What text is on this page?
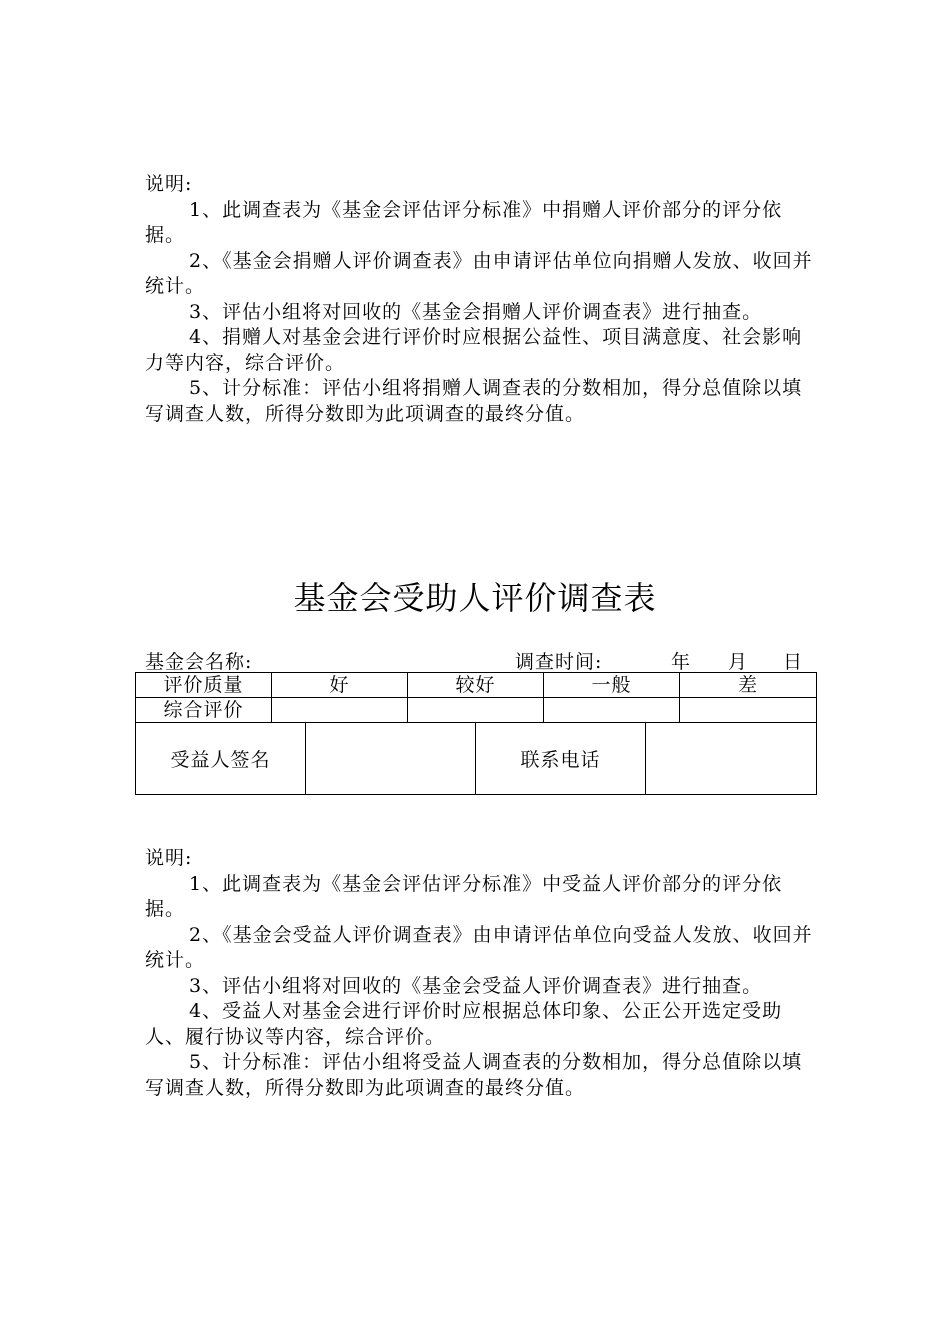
说明:

1、此调查表为《基金会评估评分标准》中捐赠人评价部分的评分依据。

2、《基金会捐赠人评价调查表》由申请评估单位向捐赠人发放、收回并统计。

3、评估小组将对回收的《基金会捐赠人评价调查表》进行抽查。

4、捐赠人对基金会进行评价时应根据公益性、项目满意度、社会影响力等内容，综合评价。

5、计分标准：评估小组将捐赠人调查表的分数相加，得分总值除以填写调查人数，所得分数即为此项调查的最终分值。

基金会受助人评价调查表
基金会名称:	调查时间:	年 月 日
评价质量	好	较好	一般	差
综合评价				
受益人签名		联系电话	

说明:

1、此调查表为《基金会评估评分标准》中受益人评价部分的评分依据。

2、《基金会受益人评价调查表》由申请评估单位向受益人发放、收回并统计。

3、评估小组将对回收的《基金会受益人评价调查表》进行抽查。

4、受益人对基金会进行评价时应根据总体印象、公正公开选定受助人、履行协议等内容，综合评价。

5、计分标准：评估小组将受益人调查表的分数相加，得分总值除以填写调查人数，所得分数即为此项调查的最终分值。
